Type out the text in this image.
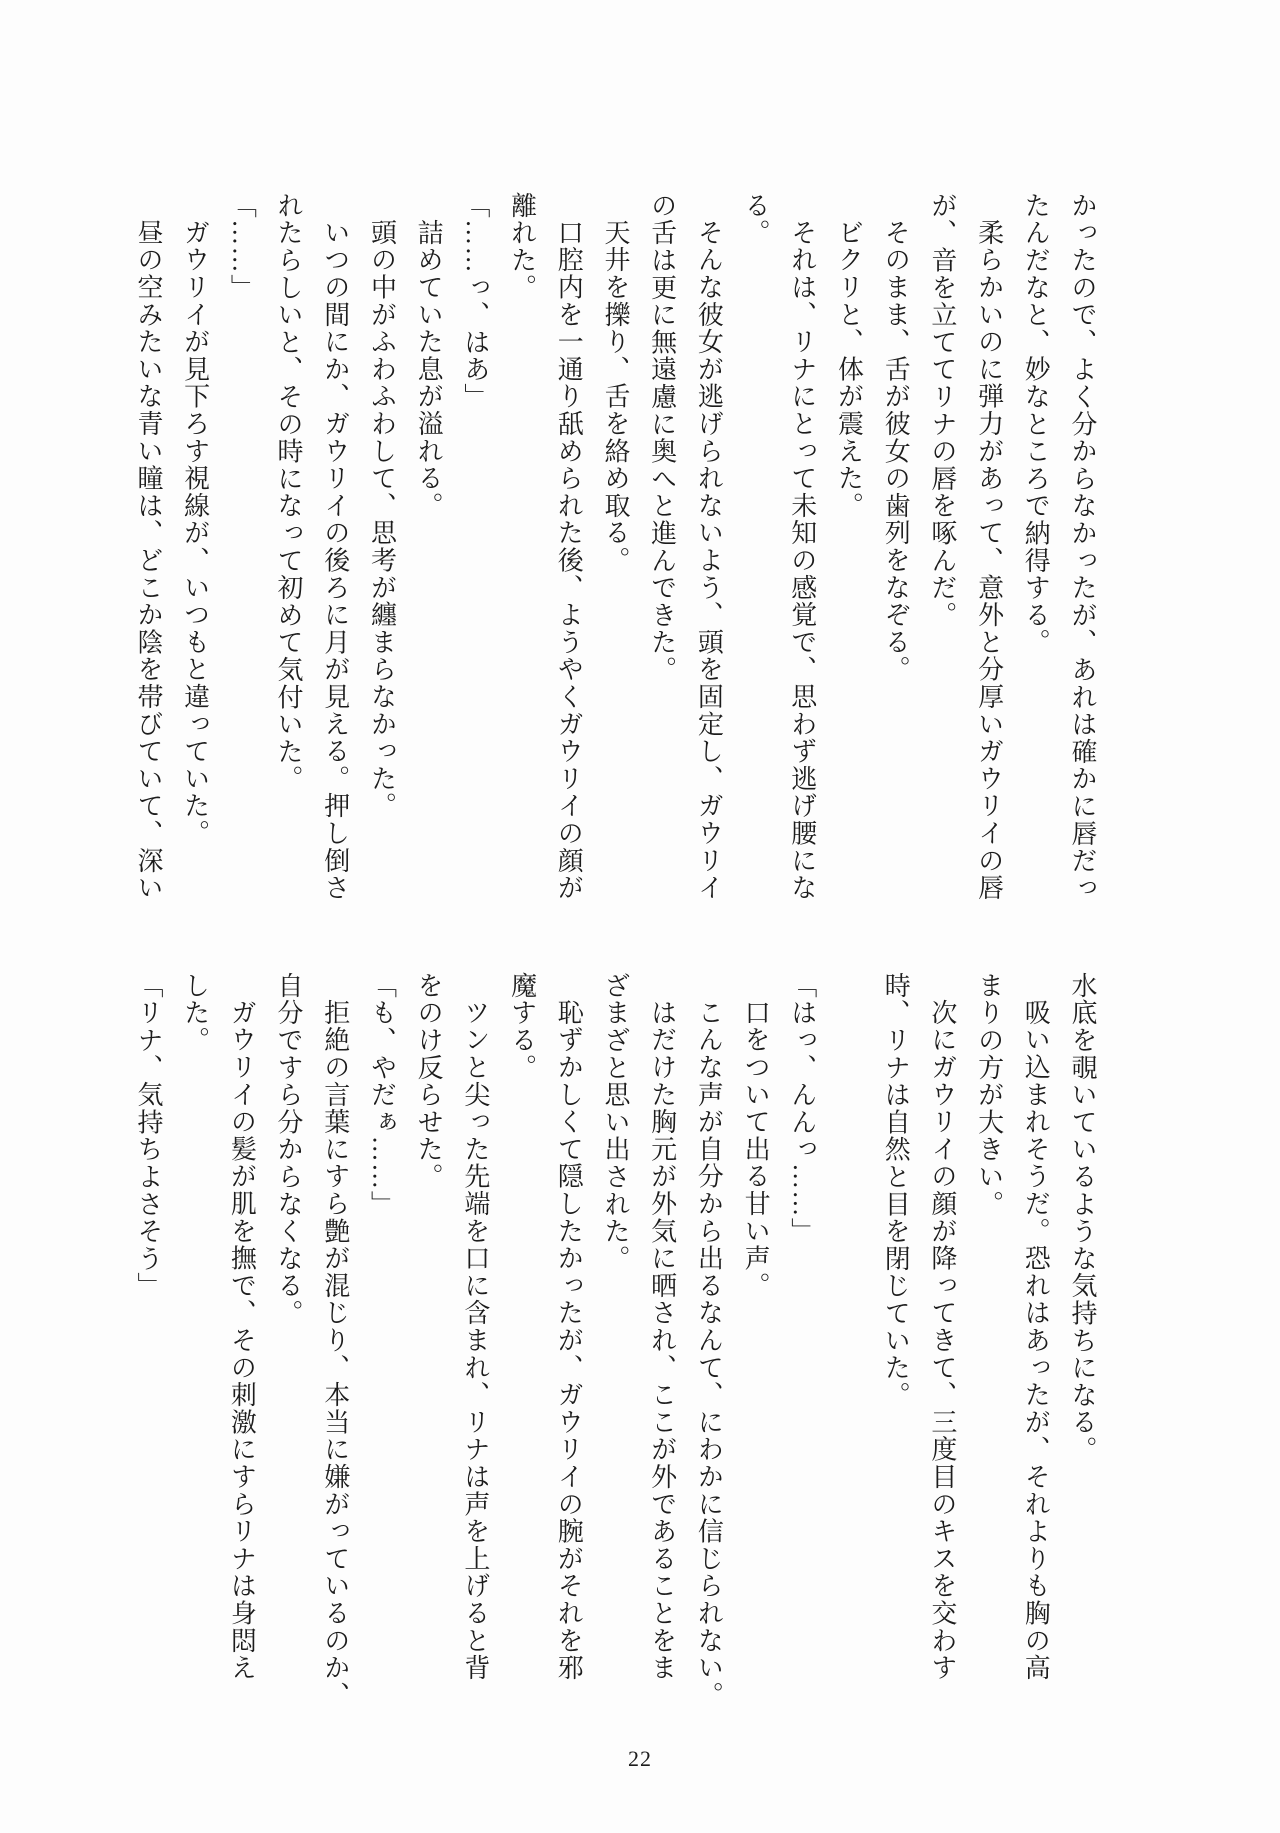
かったので、よく分からなかったが、あれは確かに唇だっ

たんだなと、妙なところで納得する。

柔らかいのに弾力があって、意外と分厚いガウリイの唇

が、音を立ててリナの唇を啄んだ。

そのまま、舌が彼女の歯列をなぞる。

ビクリと、体が震えた。

それは、リナにとって未知の感覚で、思わず逃げ腰にな

る。

そんな彼女が逃げられないよう、頭を固定し、ガウリイ

の舌は更に無遠慮に奥へと進んできた。

天井を擽り、舌を絡め取る。

口腔内を一通り舐められた後、ようやくガウリイの顔が

離れた。

「……っ、はあ」

詰めていた息が溢れる。

頭の中がふわふわして、思考が纏まらなかった。

いつの間にか、ガウリイの後ろに月が見える。押し倒さ

れたらしいと、その時になって初めて気付いた。

「……」

ガウリイが見下ろす視線が、いつもと違っていた。

昼の空みたいな青い瞳は、どこか陰を帯びていて、深い

水底を覗いているような気持ちになる。

吸い込まれそうだ。恐れはあったが、それよりも胸の高

まりの方が大きい。

次にガウリイの顔が降ってきて、三度目のキスを交わす

時、リナは自然と目を閉じていた。

「はっ、んんっ……」

口をついて出る甘い声。

こんな声が自分から出るなんて、にわかに信じられない。

はだけた胸元が外気に晒され、ここが外であることをま

ざまざと思い出された。

恥ずかしくて隠したかったが、ガウリイの腕がそれを邪

魔する。

ツンと尖った先端を口に含まれ、リナは声を上げると背

をのけ反らせた。

「も、やだぁ……」

拒絶の言葉にすら艶が混じり、本当に嫌がっているのか、

自分ですら分からなくなる。

ガウリイの髪が肌を撫で、その刺激にすらリナは身悶え

した。

「リナ、気持ちよさそう」

22
